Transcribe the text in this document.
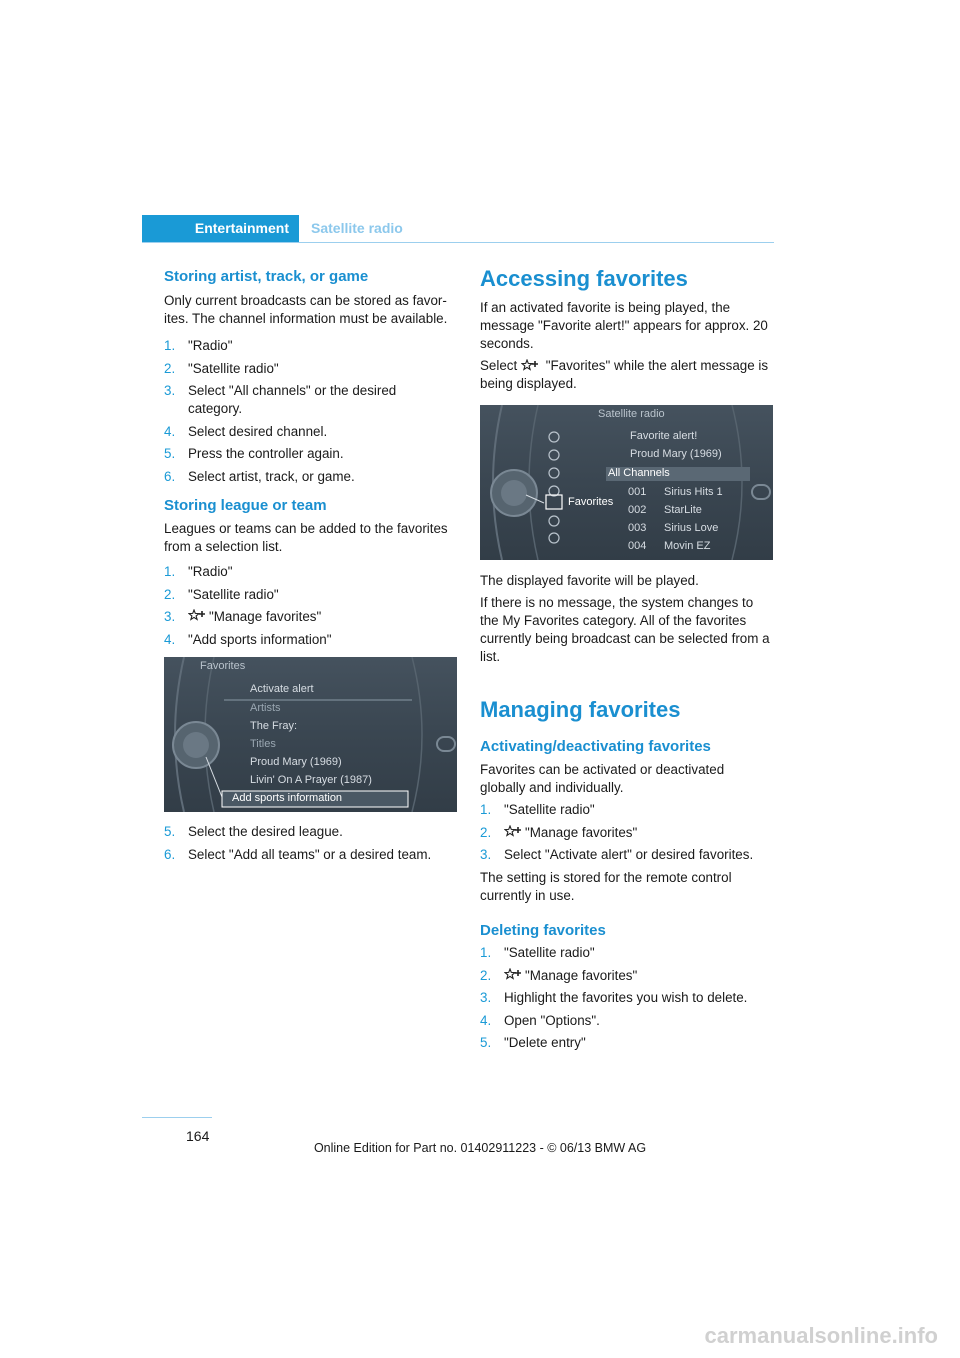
Entertainment	Satellite radio
Storing artist, track, or game

Only current broadcasts can be stored as favor-ites. The channel information must be available.

1. "Radio"
2. "Satellite radio"
3. Select "All channels" or the desired category.
4. Select desired channel.
5. Press the controller again.
6. Select artist, track, or game.
Storing league or team

Leagues or teams can be added to the favorites from a selection list.

1. "Radio"
2. "Satellite radio"
3.	"Manage favorites"
4. "Add sports information"
Favorites
Activate alert
Artists
The Fray:
Titles
Proud Mary (1969)
Livin' On A Prayer (1987)
Add sports information
5. Select the desired league.
6. Select "Add all teams" or a desired team.
Accessing favorites

If an activated favorite is being played, the message "Favorite alert!" appears for approx. 20 seconds.

Select "Favorites" while the alert message is being displayed.

Satellite radio
Favorite alert!
Proud Mary (1969)
All Channels
Favorites
001 Sirius Hits 1
002 StarLite
003 Sirius Love
004 Movin EZ

The displayed favorite will be played.

If there is no message, the system changes to the My Favorites category. All of the favorites currently being broadcast can be selected from a list.

Managing favorites
Activating/deactivating favorites

Favorites can be activated or deactivated globally and individually.

1. "Satellite radio"
2.	"Manage favorites"
3. Select "Activate alert" or desired favorites.

The setting is stored for the remote control currently in use.

Deleting favorites
1. "Satellite radio"
2.	"Manage favorites"
3. Highlight the favorites you wish to delete.
4. Open "Options".
5. "Delete entry"
164
Online Edition for Part no. 01402911223 - © 06/13 BMW AG
carmanualsonline.info
